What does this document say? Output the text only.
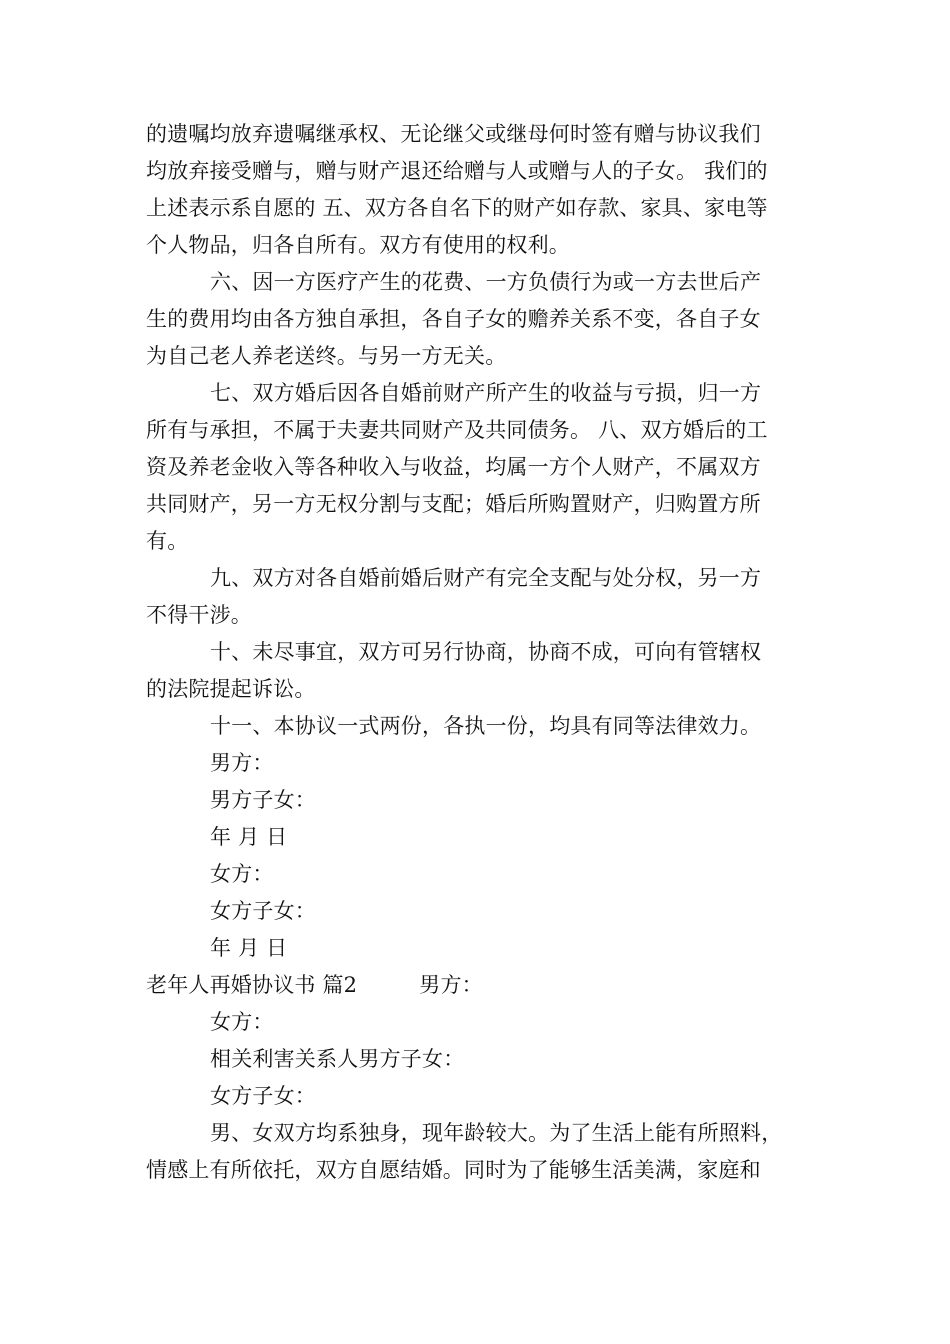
的遗嘱均放弃遗嘱继承权、无论继父或继母何时签有赠与协议我们
均放弃接受赠与，赠与财产退还给赠与人或赠与人的子女。 我们的
上述表示系自愿的 五、双方各自名下的财产如存款、家具、家电等
个人物品，归各自所有。双方有使用的权利。
六、因一方医疗产生的花费、一方负债行为或一方去世后产
生的费用均由各方独自承担，各自子女的赡养关系不变，各自子女
为自己老人养老送终。与另一方无关。
七、双方婚后因各自婚前财产所产生的收益与亏损，归一方
所有与承担，不属于夫妻共同财产及共同债务。 八、双方婚后的工
资及养老金收入等各种收入与收益，均属一方个人财产，不属双方
共同财产，另一方无权分割与支配；婚后所购置财产，归购置方所
有。
九、双方对各自婚前婚后财产有完全支配与处分权，另一方
不得干涉。
十、未尽事宜，双方可另行协商，协商不成，可向有管辖权
的法院提起诉讼。
十一、本协议一式两份，各执一份，均具有同等法律效力。
男方：
男方子女：
年 月 日
女方：
女方子女：
年 月 日
老年人再婚协议书 篇2	男方：
女方：
相关利害关系人男方子女：
女方子女：
男、女双方均系独身，现年龄较大。为了生活上能有所照料，
情感上有所依托，双方自愿结婚。同时为了能够生活美满，家庭和
